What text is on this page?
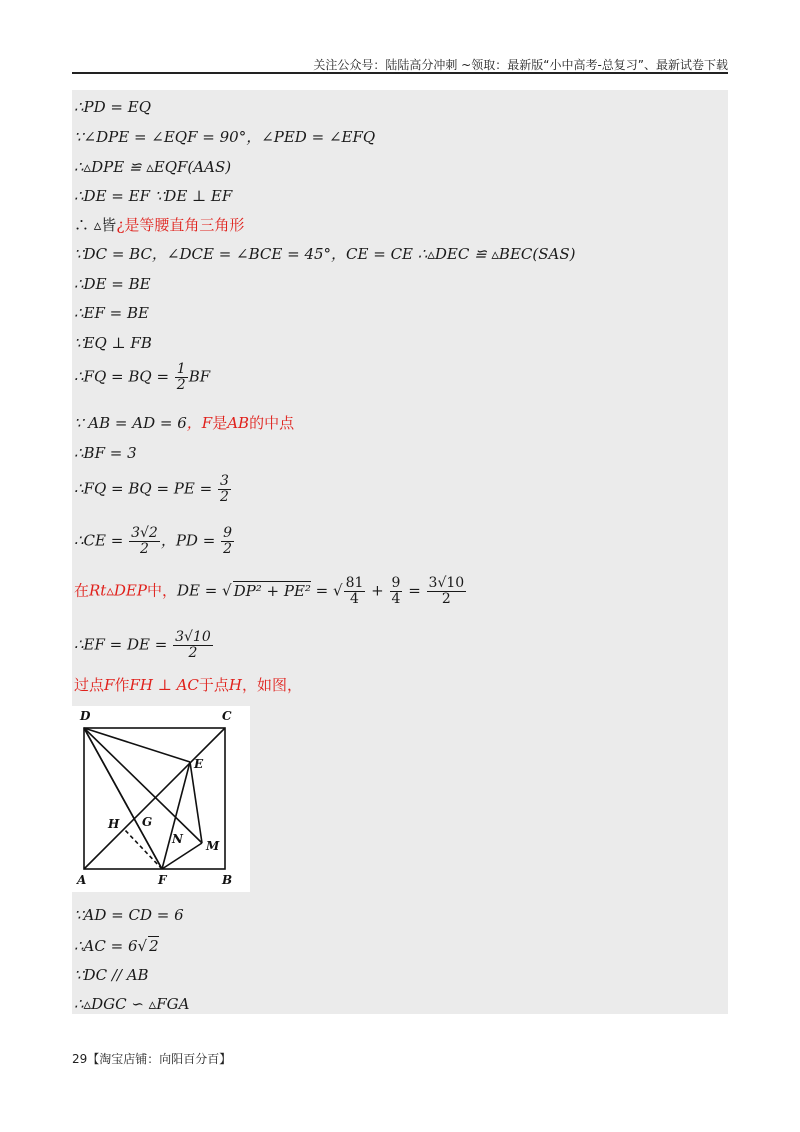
关注公众号：陆陆高分冲刺 ~领取：最新版“小中高考-总复习”、最新试卷下载
∴PD = EQ
∵∠DPE = ∠EQF = 90°，∠PED = ∠EFQ
∴▵DPE ≌ ▵EQF(AAS)
∴DE = EF ∵DE ⊥ EF
∴ ▵皆¿是等腰直角三角形
∵DC = BC，∠DCE = ∠BCE = 45°，CE = CE ∴▵DEC ≌ ▵BEC(SAS)
∴DE = BE
∴EF = BE
∵EQ ⊥ FB
∴FQ = BQ = $\frac{1}{2}$ BF
∵ AB = AD = 6，F是AB的中点
∴BF = 3
∴FQ = BQ = PE = $\frac{3}{2}$
∴CE = $\frac{3√2}{2}$ ，PD = $\frac{9}{2}$
在Rt▵DEP中，DE = √ DP² + PE² = √ $\frac{81}{4} + \frac{9}{4} = \frac{3√10}{2}$
∴EF = DE = $\frac{3√10}{2}$
过点F作FH ⊥ AC于点H，如图，
D	C
E
H G
N M
A	F	B
∵AD = CD = 6
∴AC = 6√ 2
∵DC // AB
∴▵DGC ∽ ▵FGA
29【淘宝店铺：向阳百分百】
